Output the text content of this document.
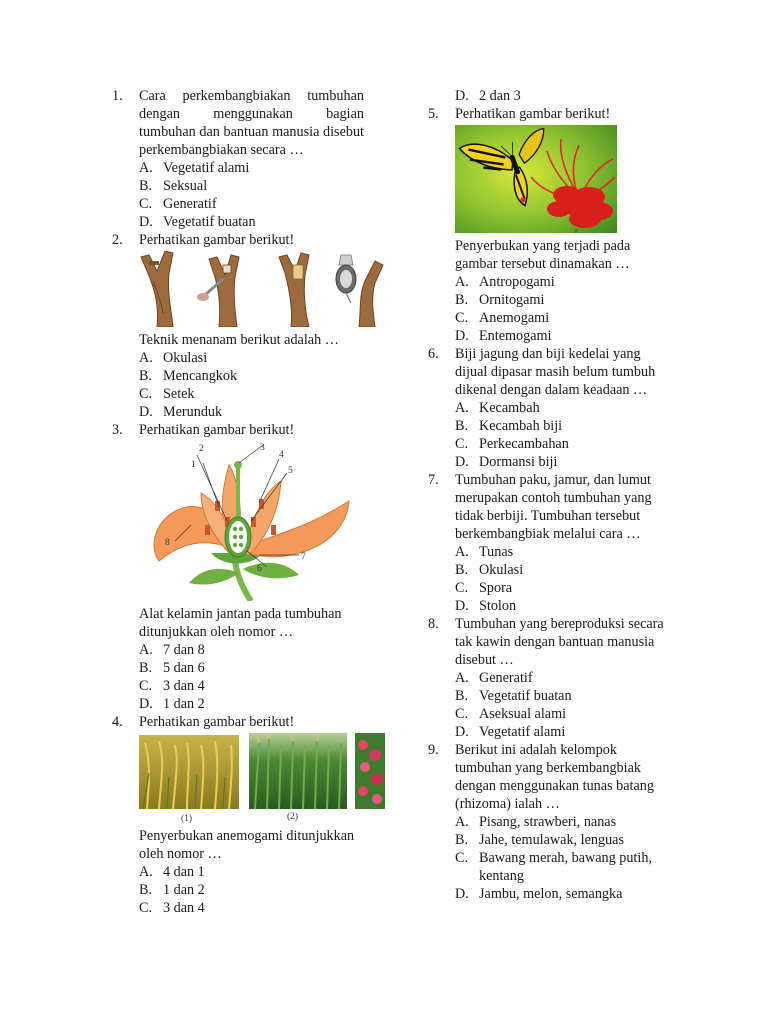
1.	Cara perkembangbiakan tumbuhan dengan menggunakan bagian tumbuhan dan bantuan manusia disebut perkembangbiakan secara …
A. Vegetatif alami
B. Seksual
C. Generatif
D. Vegetatif buatan
2.	Perhatikan gambar berikut!
Teknik menanam berikut adalah …
A. Okulasi
B. Mencangkok
C. Setek
D. Merunduk
3.	Perhatikan gambar berikut!
1
2	3
4
5
6
7
8
Alat kelamin jantan pada tumbuhan ditunjukkan oleh nomor …
A. 7 dan 8
B. 5 dan 6
C. 3 dan 4
D. 1 dan 2
4.	Perhatikan gambar berikut!
(1)	(2)
Penyerbukan anemogami ditunjukkan oleh nomor …
A. 4 dan 1
B. 1 dan 2
C. 3 dan 4
D. 2 dan 3
5.	Perhatikan gambar berikut!
Penyerbukan yang terjadi pada gambar tersebut dinamakan …
A. Antropogami
B. Ornitogami
C. Anemogami
D. Entemogami
6.	Biji jagung dan biji kedelai yang dijual dipasar masih belum tumbuh dikenal dengan dalam keadaan …
A. Kecambah
B. Kecambah biji
C. Perkecambahan
D. Dormansi biji
7.	Tumbuhan paku, jamur, dan lumut merupakan contoh tumbuhan yang tidak berbiji. Tumbuhan tersebut berkembangbiak melalui cara …
A. Tunas
B. Okulasi
C. Spora
D. Stolon
8.	Tumbuhan yang bereproduksi secara tak kawin dengan bantuan manusia disebut …
A. Generatif
B. Vegetatif buatan
C. Aseksual alami
D. Vegetatif alami
9.	Berikut ini adalah kelompok tumbuhan yang berkembangbiak dengan menggunakan tunas batang (rhizoma) ialah …
A. Pisang, strawberi, nanas
B. Jahe, temulawak, lenguas
C. Bawang merah, bawang putih, kentang
D. Jambu, melon, semangka
